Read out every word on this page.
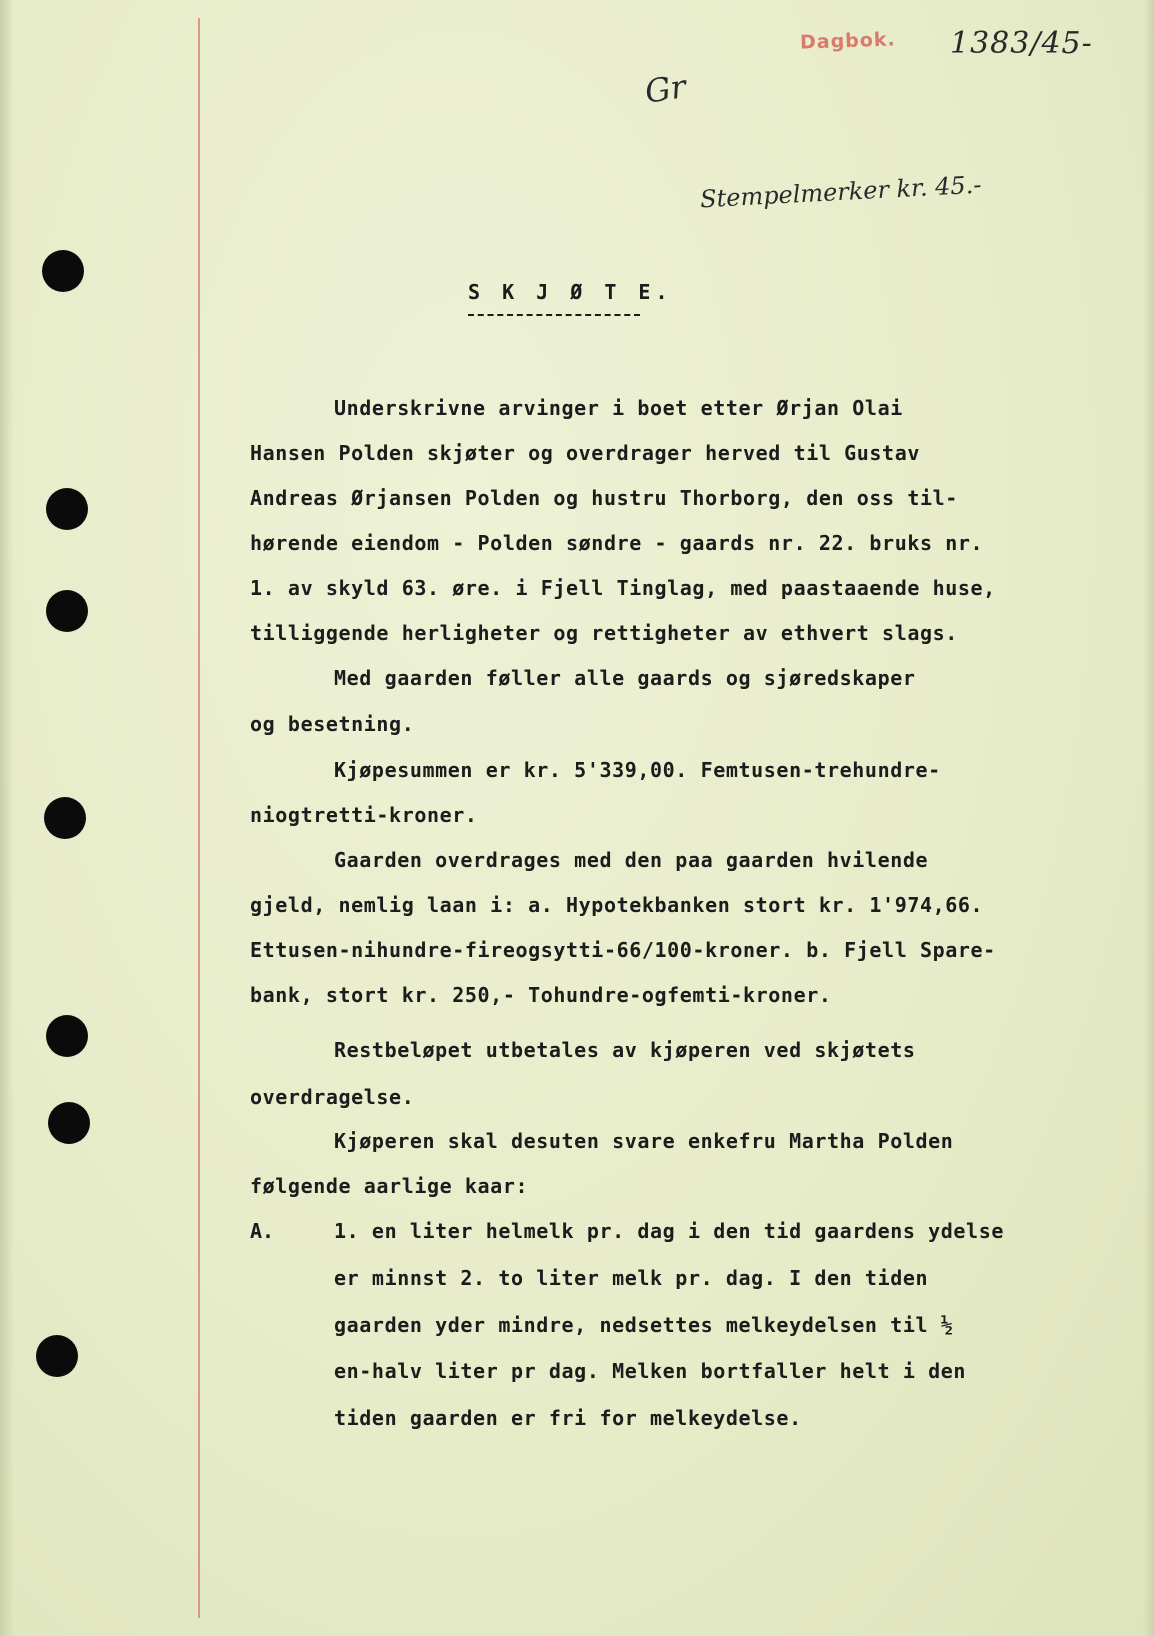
Dagbok. 1383/45-
Gr
Stempelmerker kr. 45.-
S K J Ø T E.
Underskrivne arvinger i boet etter Ørjan Olai
Hansen Polden skjøter og overdrager herved til Gustav
Andreas Ørjansen Polden og hustru Thorborg, den oss til-
hørende eiendom - Polden søndre - gaards nr. 22. bruks nr.
1. av skyld 63. øre. i Fjell Tinglag, med paastaaende huse,
tilliggende herligheter og rettigheter av ethvert slags.
Med gaarden føller alle gaards og sjøredskaper
og besetning.
Kjøpesummen er kr. 5'339,00. Femtusen-trehundre-
niogtretti-kroner.
Gaarden overdrages med den paa gaarden hvilende
gjeld, nemlig laan i: a. Hypotekbanken stort kr. 1'974,66.
Ettusen-nihundre-fireogsytti-66/100-kroner. b. Fjell Spare-
bank, stort kr. 250,- Tohundre-ogfemti-kroner.
Restbeløpet utbetales av kjøperen ved skjøtets
overdragelse.
Kjøperen skal desuten svare enkefru Martha Polden
følgende aarlige kaar:
A.	1. en liter helmelk pr. dag i den tid gaardens ydelse
er minnst 2. to liter melk pr. dag. I den tiden
gaarden yder mindre, nedsettes melkeydelsen til ½
en-halv liter pr dag. Melken bortfaller helt i den
tiden gaarden er fri for melkeydelse.
